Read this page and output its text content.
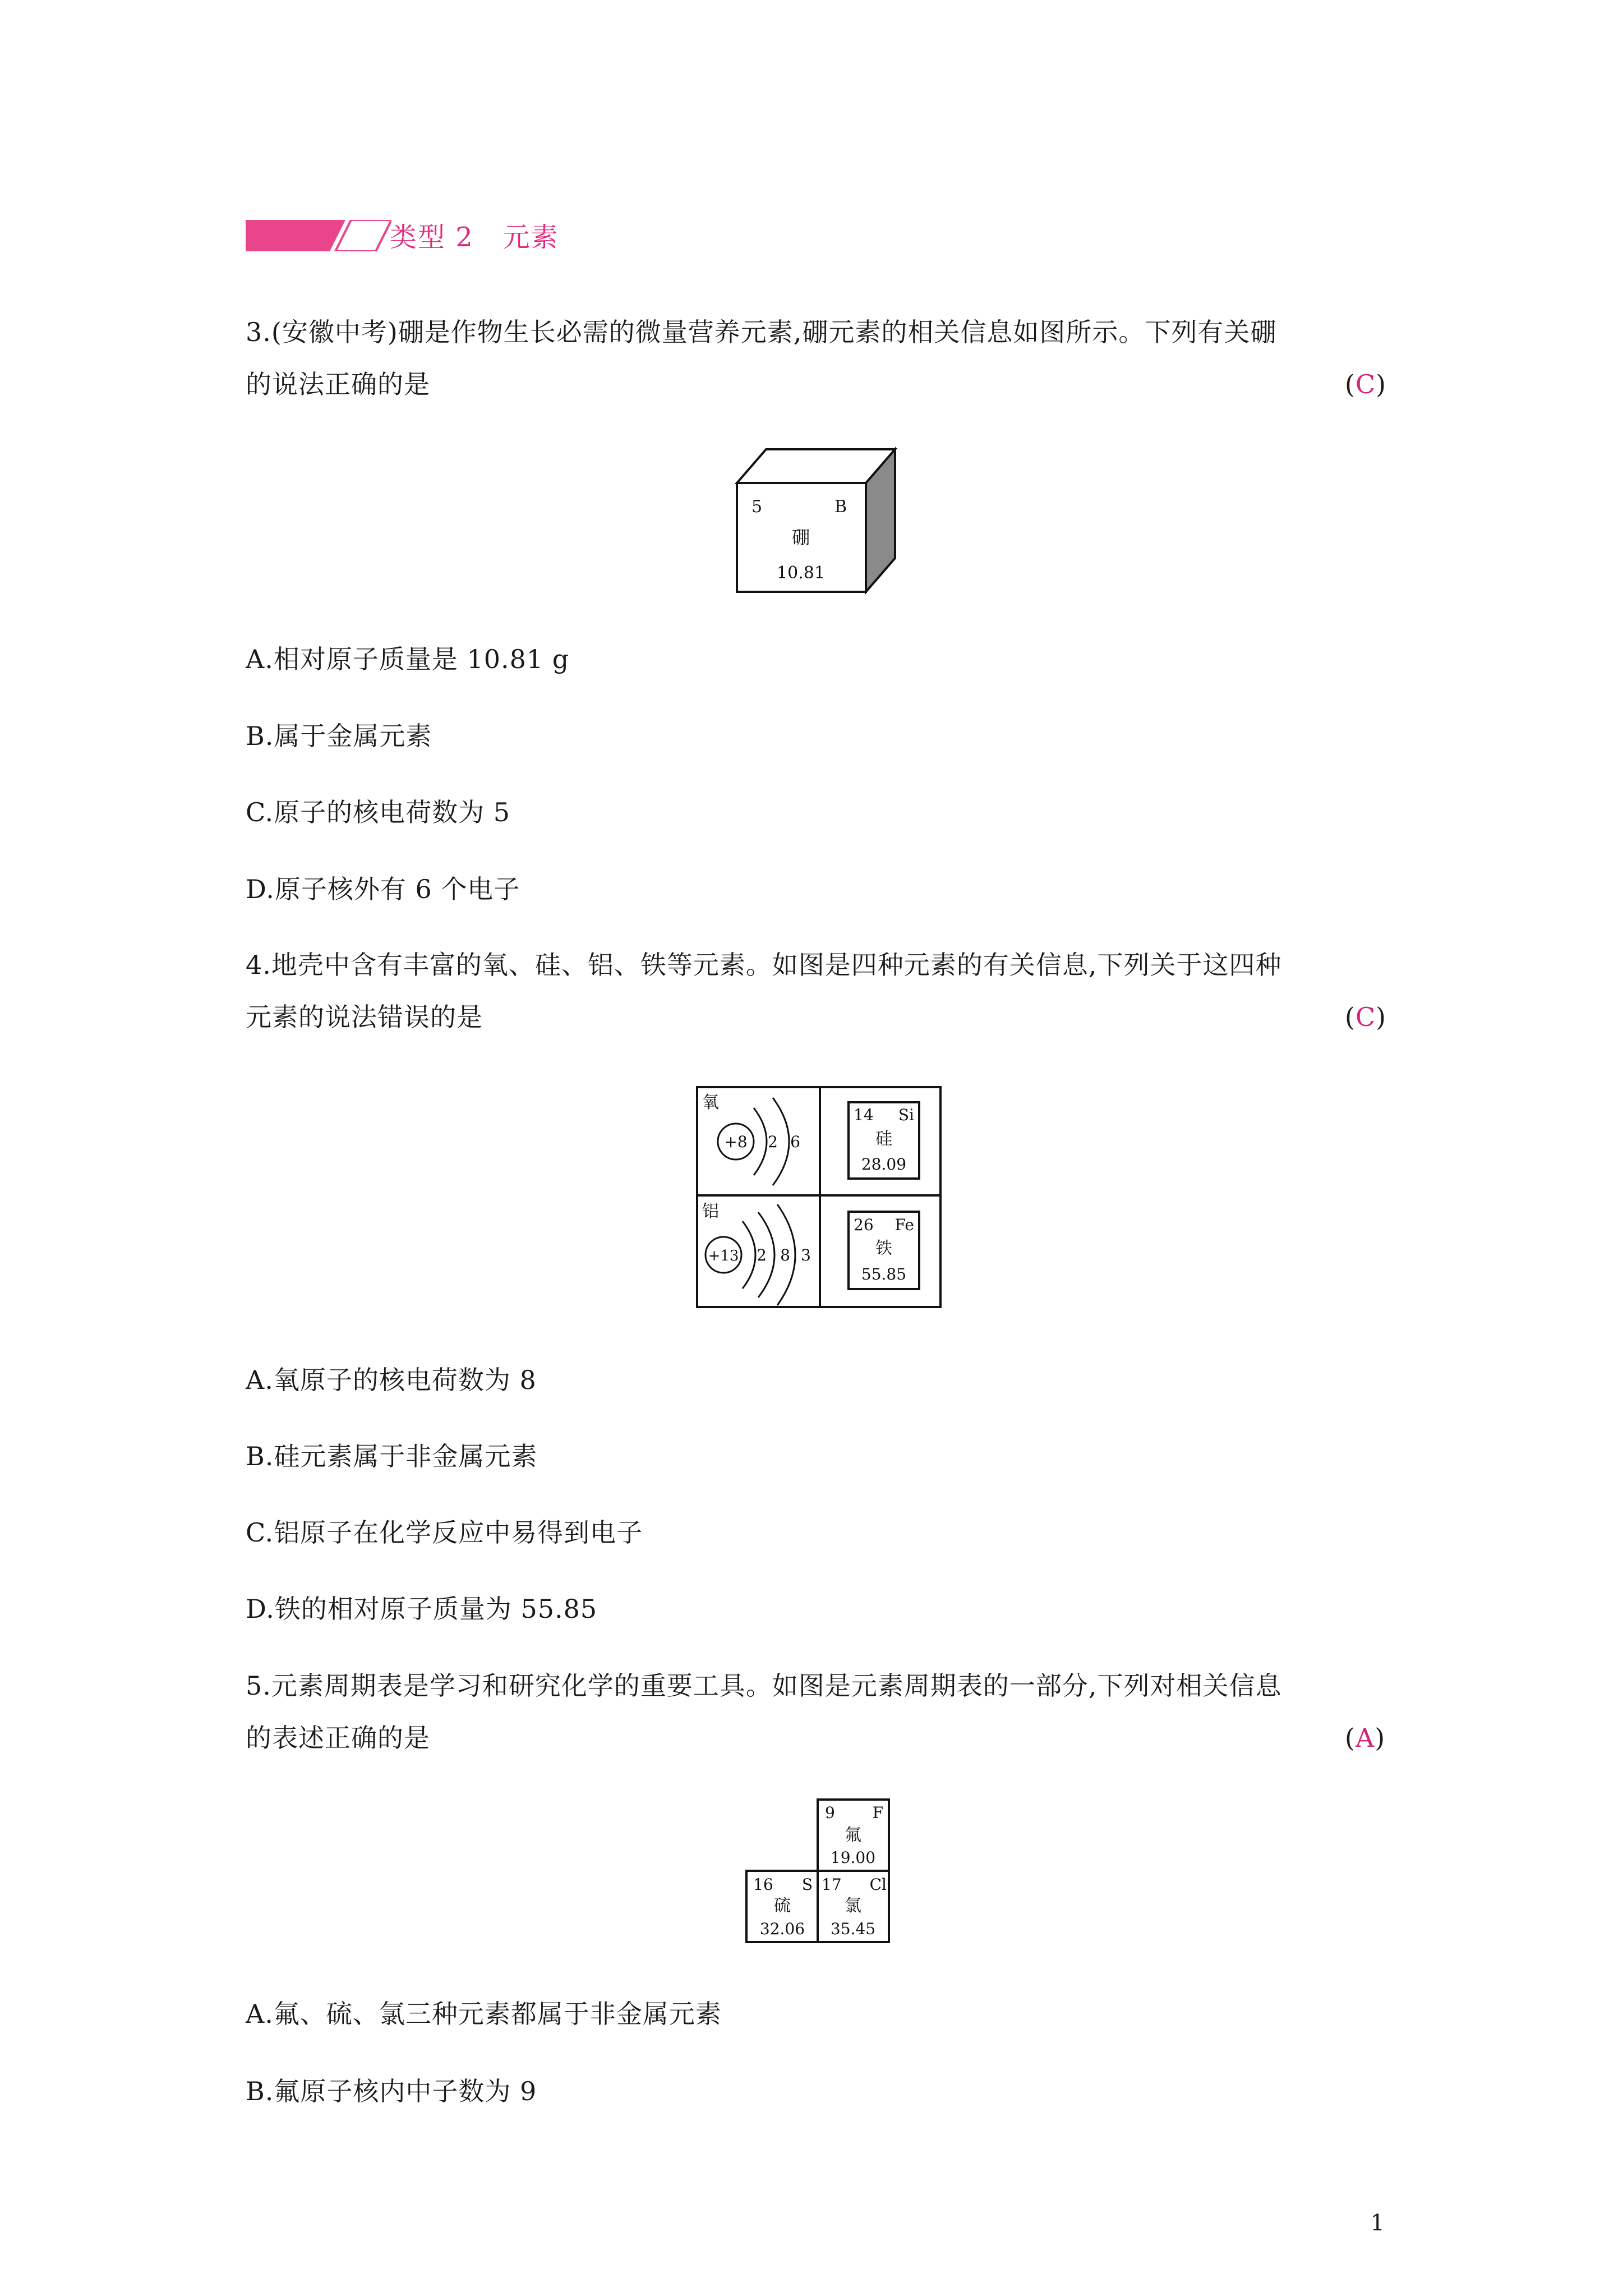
类型 2 元素
3.(安徽中考)硼是作物生长必需的微量营养元素,硼元素的相关信息如图所示。下列有关硼
的说法正确的是	(C)
5	B
硼
10.81
A.相对原子质量是 10.81 g
B.属于金属元素
C.原子的核电荷数为 5
D.原子核外有 6 个电子
4.地壳中含有丰富的氧、硅、铝、铁等元素。如图是四种元素的有关信息,下列关于这四种
元素的说法错误的是	(C)
氧
+8 2 6
14 Si
硅
28.09
铝
+13 2 8 3
26 Fe
铁
55.85
A.氧原子的核电荷数为 8
B.硅元素属于非金属元素
C.铝原子在化学反应中易得到电子
D.铁的相对原子质量为 55.85
5.元素周期表是学习和研究化学的重要工具。如图是元素周期表的一部分,下列对相关信息
的表述正确的是	(A)
9 F
氟
19.00
16 S
硫
32.06
17 Cl
氯
35.45
A.氟、硫、氯三种元素都属于非金属元素
B.氟原子核内中子数为 9
1
